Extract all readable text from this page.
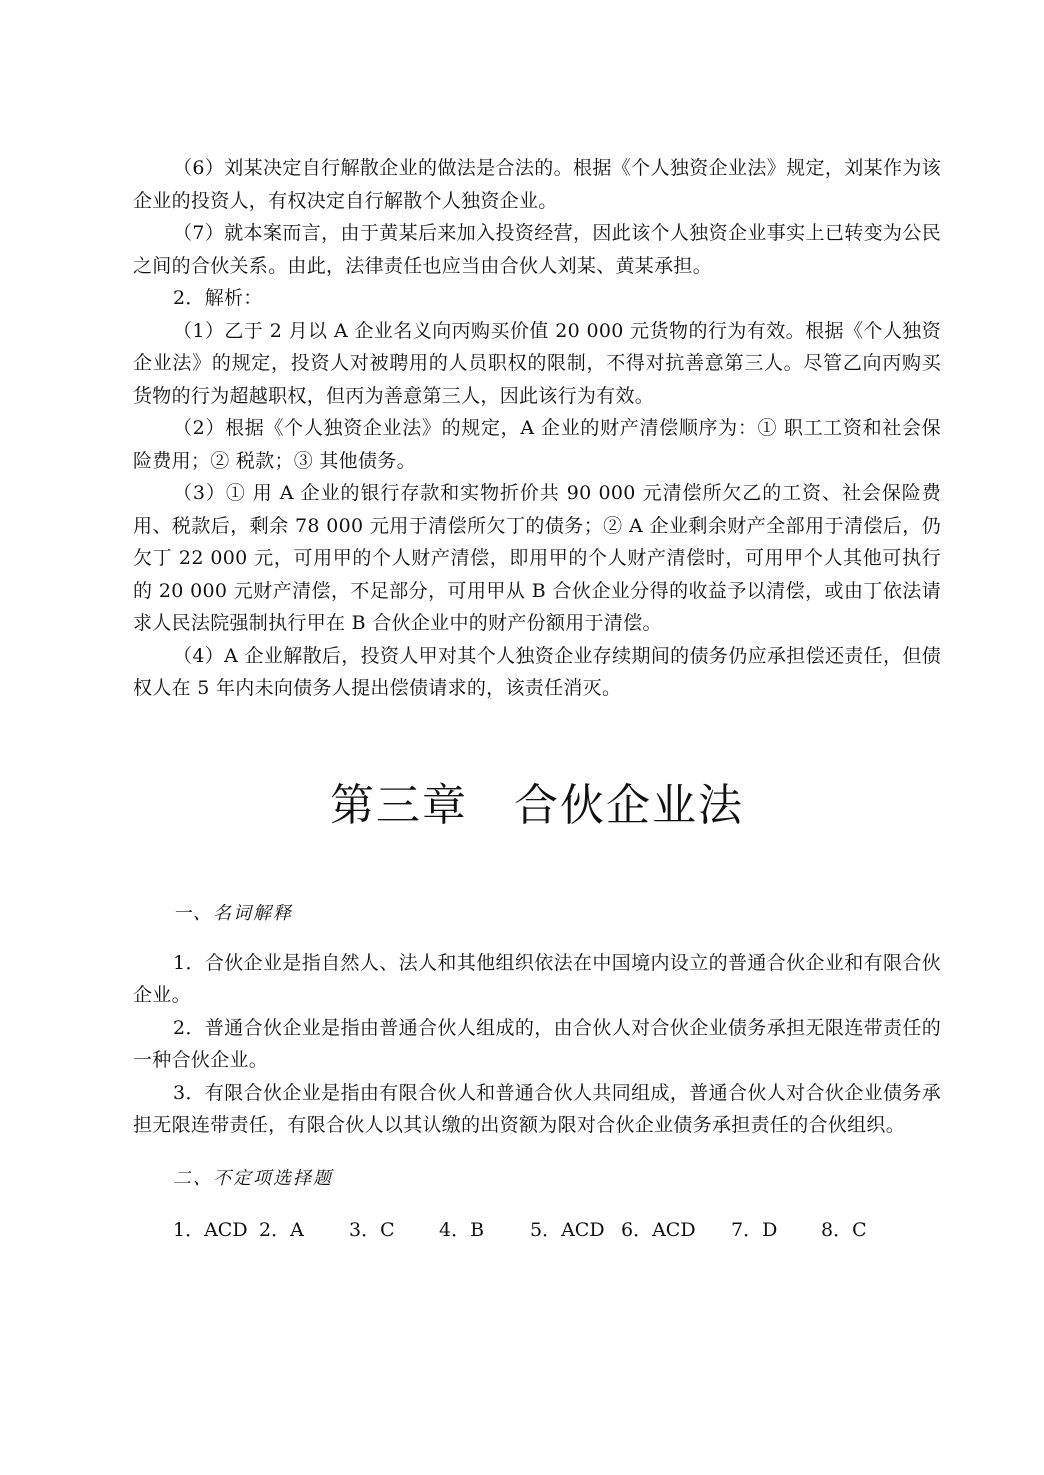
（6）刘某决定自行解散企业的做法是合法的。根据《个人独资企业法》规定，刘某作为该企业的投资人，有权决定自行解散个人独资企业。

（7）就本案而言，由于黄某后来加入投资经营，因此该个人独资企业事实上已转变为公民之间的合伙关系。由此，法律责任也应当由合伙人刘某、黄某承担。

2．解析：

（1）乙于 2 月以 A 企业名义向丙购买价值 20 000 元货物的行为有效。根据《个人独资企业法》的规定，投资人对被聘用的人员职权的限制，不得对抗善意第三人。尽管乙向丙购买货物的行为超越职权，但丙为善意第三人，因此该行为有效。

（2）根据《个人独资企业法》的规定，A 企业的财产清偿顺序为：① 职工工资和社会保险费用；② 税款；③ 其他债务。

（3）① 用 A 企业的银行存款和实物折价共 90 000 元清偿所欠乙的工资、社会保险费用、税款后，剩余 78 000 元用于清偿所欠丁的债务；② A 企业剩余财产全部用于清偿后，仍欠丁 22 000 元，可用甲的个人财产清偿，即用甲的个人财产清偿时，可用甲个人其他可执行的 20 000 元财产清偿，不足部分，可用甲从 B 合伙企业分得的收益予以清偿，或由丁依法请求人民法院强制执行甲在 B 合伙企业中的财产份额用于清偿。

（4）A 企业解散后，投资人甲对其个人独资企业存续期间的债务仍应承担偿还责任，但债权人在 5 年内未向债务人提出偿债请求的，该责任消灭。

第三章　合伙企业法

一、名词解释

1．合伙企业是指自然人、法人和其他组织依法在中国境内设立的普通合伙企业和有限合伙企业。

2．普通合伙企业是指由普通合伙人组成的，由合伙人对合伙企业债务承担无限连带责任的一种合伙企业。

3．有限合伙企业是指由有限合伙人和普通合伙人共同组成，普通合伙人对合伙企业债务承担无限连带责任，有限合伙人以其认缴的出资额为限对合伙企业债务承担责任的合伙组织。

二、不定项选择题

1．ACD 2．A	3．C	4．B	5．ACD 6．ACD	7．D	8．C
